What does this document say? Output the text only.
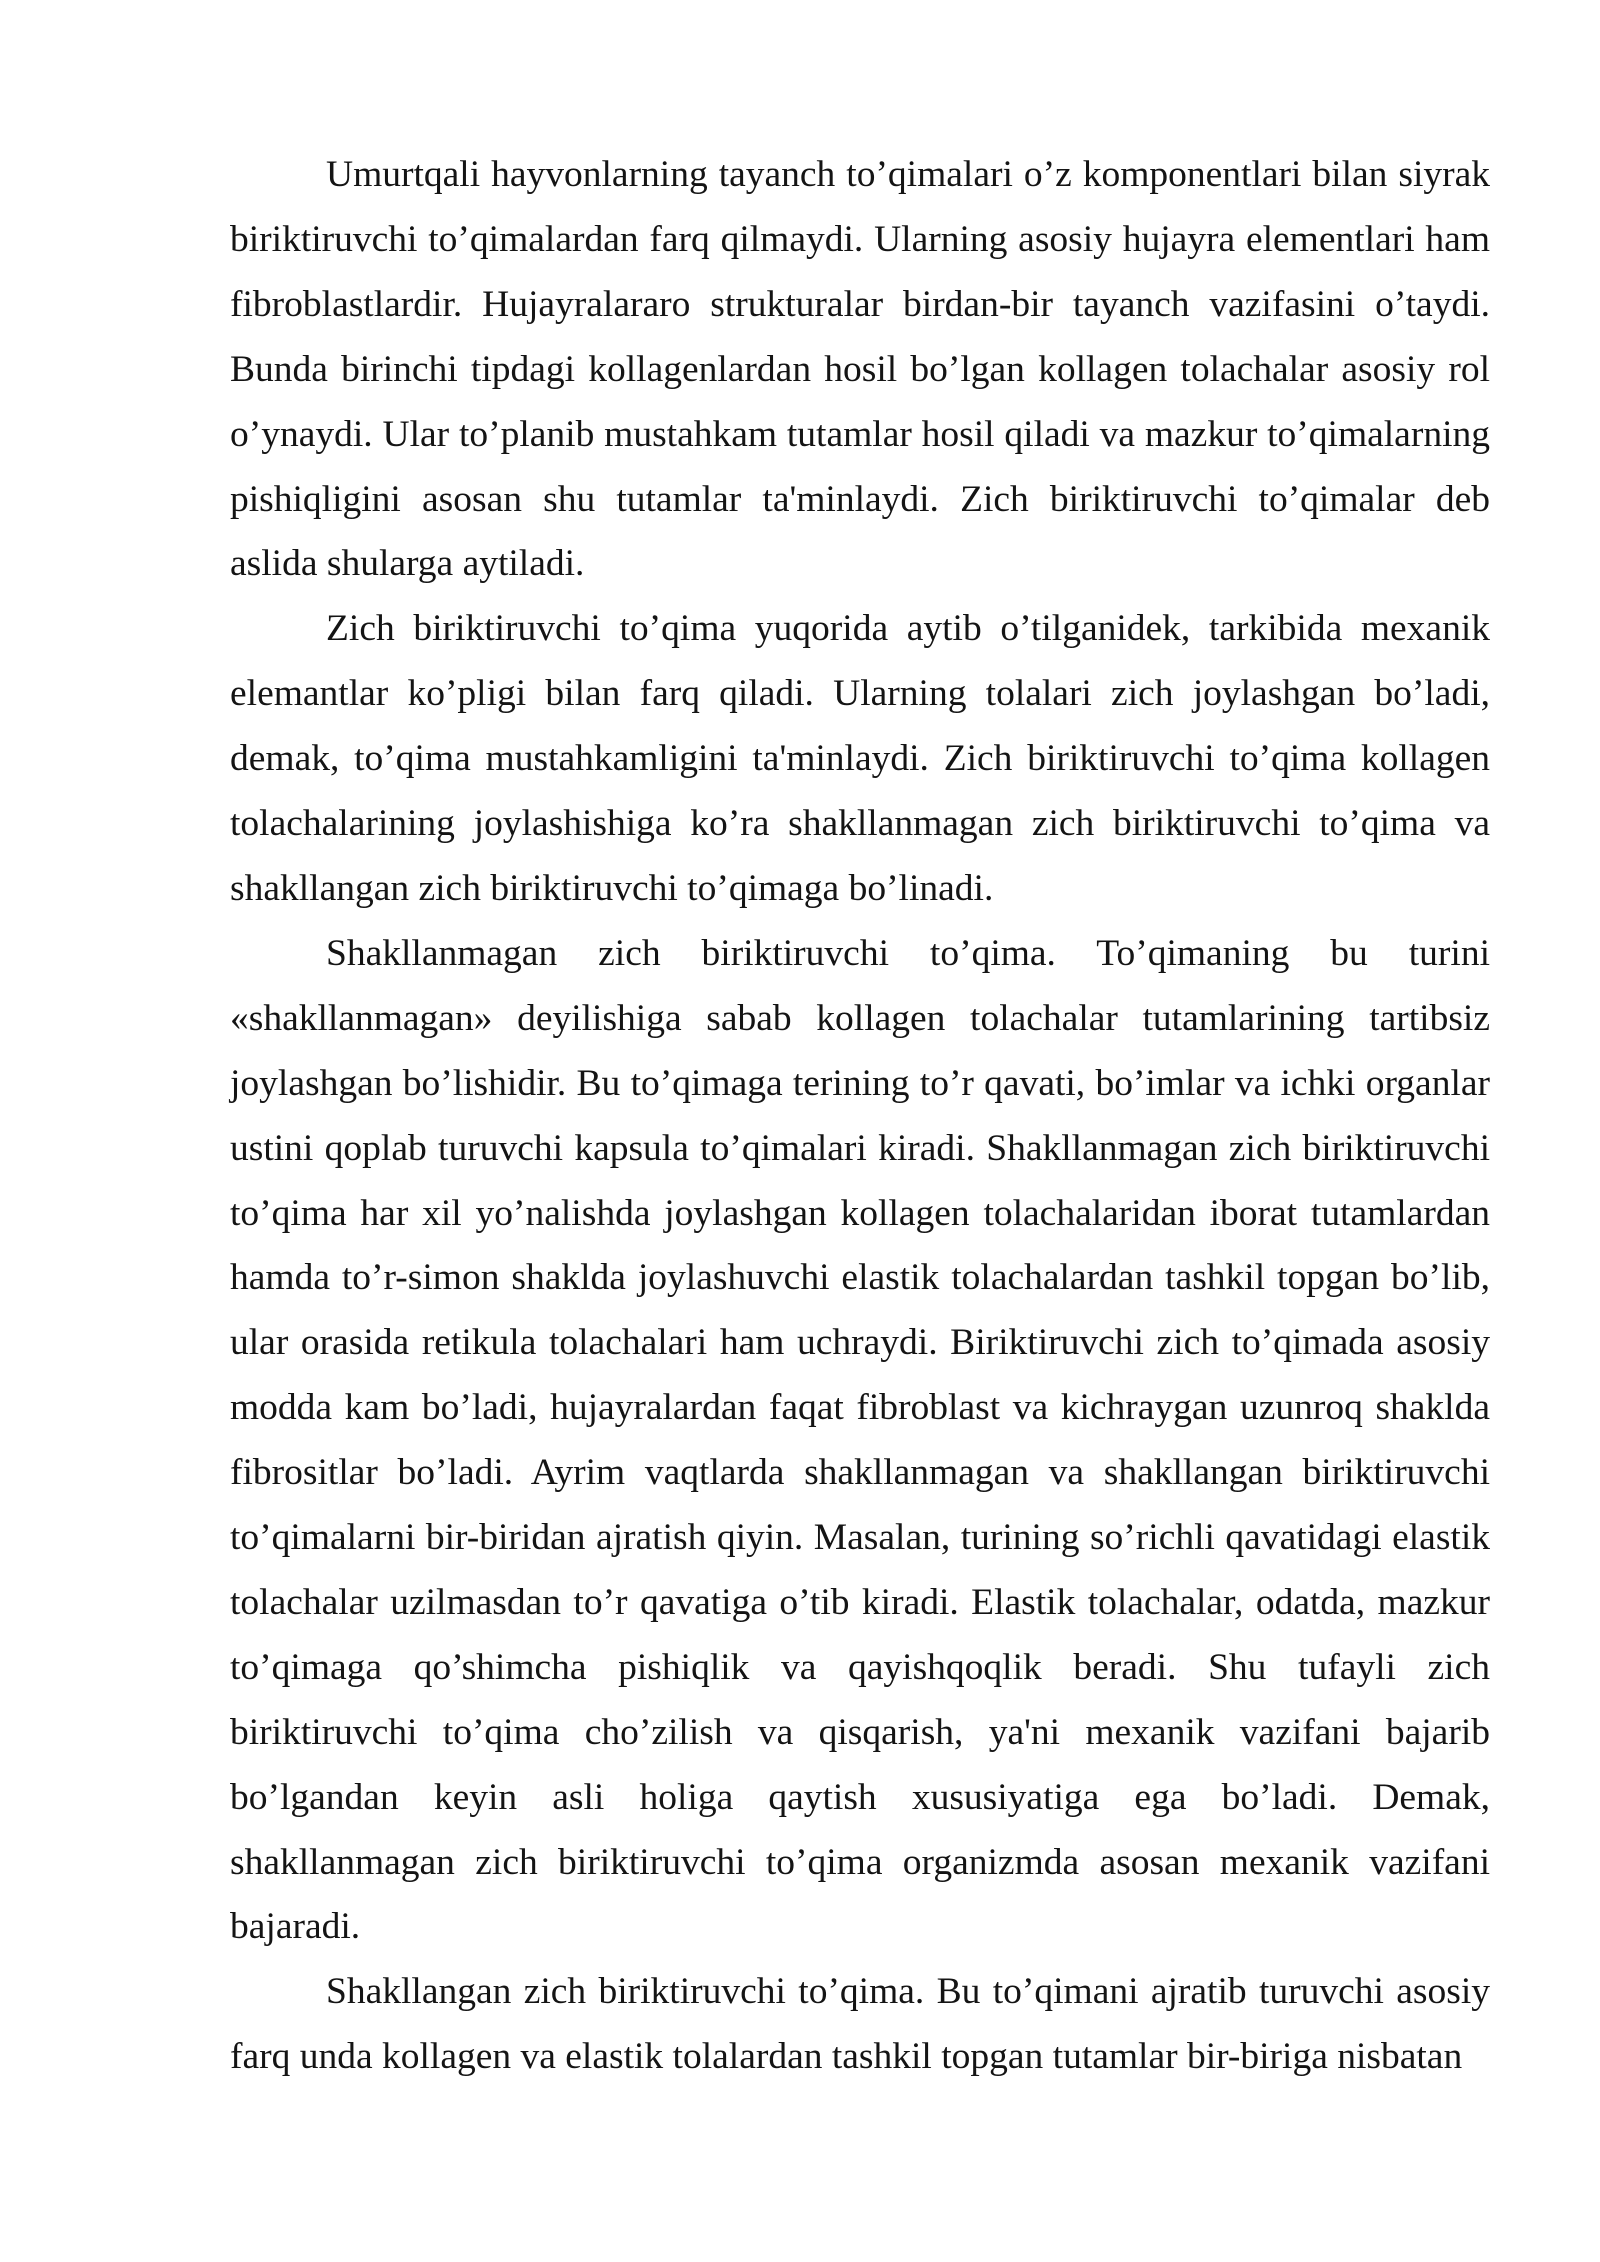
Umurtqali hayvonlarning tayanch to’qimalari o’z komponentlari bilan siyrak biriktiruvchi to’qimalardan farq qilmaydi. Ularning asosiy hujayra elementlari ham fibroblastlardir. Hujayralararo strukturalar birdan-bir tayanch vazifasini o’taydi. Bunda birinchi tipdagi kollagenlardan hosil bo’lgan kollagen tolachalar asosiy rol o’ynaydi. Ular to’planib mustahkam tutamlar hosil qiladi va mazkur to’qimalarning pishiqligini asosan shu tutamlar ta'minlaydi. Zich biriktiruvchi to’qimalar deb aslida shularga aytiladi.

Zich biriktiruvchi to’qima yuqorida aytib o’tilganidek, tarkibida mexanik elemantlar ko’pligi bilan farq qiladi. Ularning tolalari zich joylashgan bo’ladi, demak, to’qima mustahkamligini ta'minlaydi. Zich biriktiruvchi to’qima kollagen tolachalarining joylashishiga ko’ra shakllanmagan zich biriktiruvchi to’qima va shakllangan zich biriktiruvchi to’qimaga bo’linadi.

Shakllanmagan zich biriktiruvchi to’qima. To’qimaning bu turini «shakllanmagan» deyilishiga sabab kollagen tolachalar tutamlarining tartibsiz joylashgan bo’lishidir. Bu to’qimaga terining to’r qavati, bo’imlar va ichki organlar ustini qoplab turuvchi kapsula to’qimalari kiradi. Shakllanmagan zich biriktiruvchi to’qima har xil yo’nalishda joylashgan kollagen tolachalaridan iborat tutamlardan hamda to’r-simon shaklda joylashuvchi elastik tolachalardan tashkil topgan bo’lib, ular orasida retikula tolachalari ham uchraydi. Biriktiruvchi zich to’qimada asosiy modda kam bo’ladi, hujayralardan faqat fibroblast va kichraygan uzunroq shaklda fibrositlar bo’ladi. Ayrim vaqtlarda shakllanmagan va shakllangan biriktiruvchi to’qimalarni bir-biridan ajratish qiyin. Masalan, turining so’richli qavatidagi elastik tolachalar uzilmasdan to’r qavatiga o’tib kiradi. Elastik tolachalar, odatda, mazkur to’qimaga qo’shimcha pishiqlik va qayishqoqlik beradi. Shu tufayli zich biriktiruvchi to’qima cho’zilish va qisqarish, ya'ni mexanik vazifani bajarib bo’lgandan keyin asli holiga qaytish xususiyatiga ega bo’ladi. Demak, shakllanmagan zich biriktiruvchi to’qima organizmda asosan mexanik vazifani bajaradi.

Shakllangan zich biriktiruvchi to’qima. Bu to’qimani ajratib turuvchi asosiy farq unda kollagen va elastik tolalardan tashkil topgan tutamlar bir-biriga nisbatan
